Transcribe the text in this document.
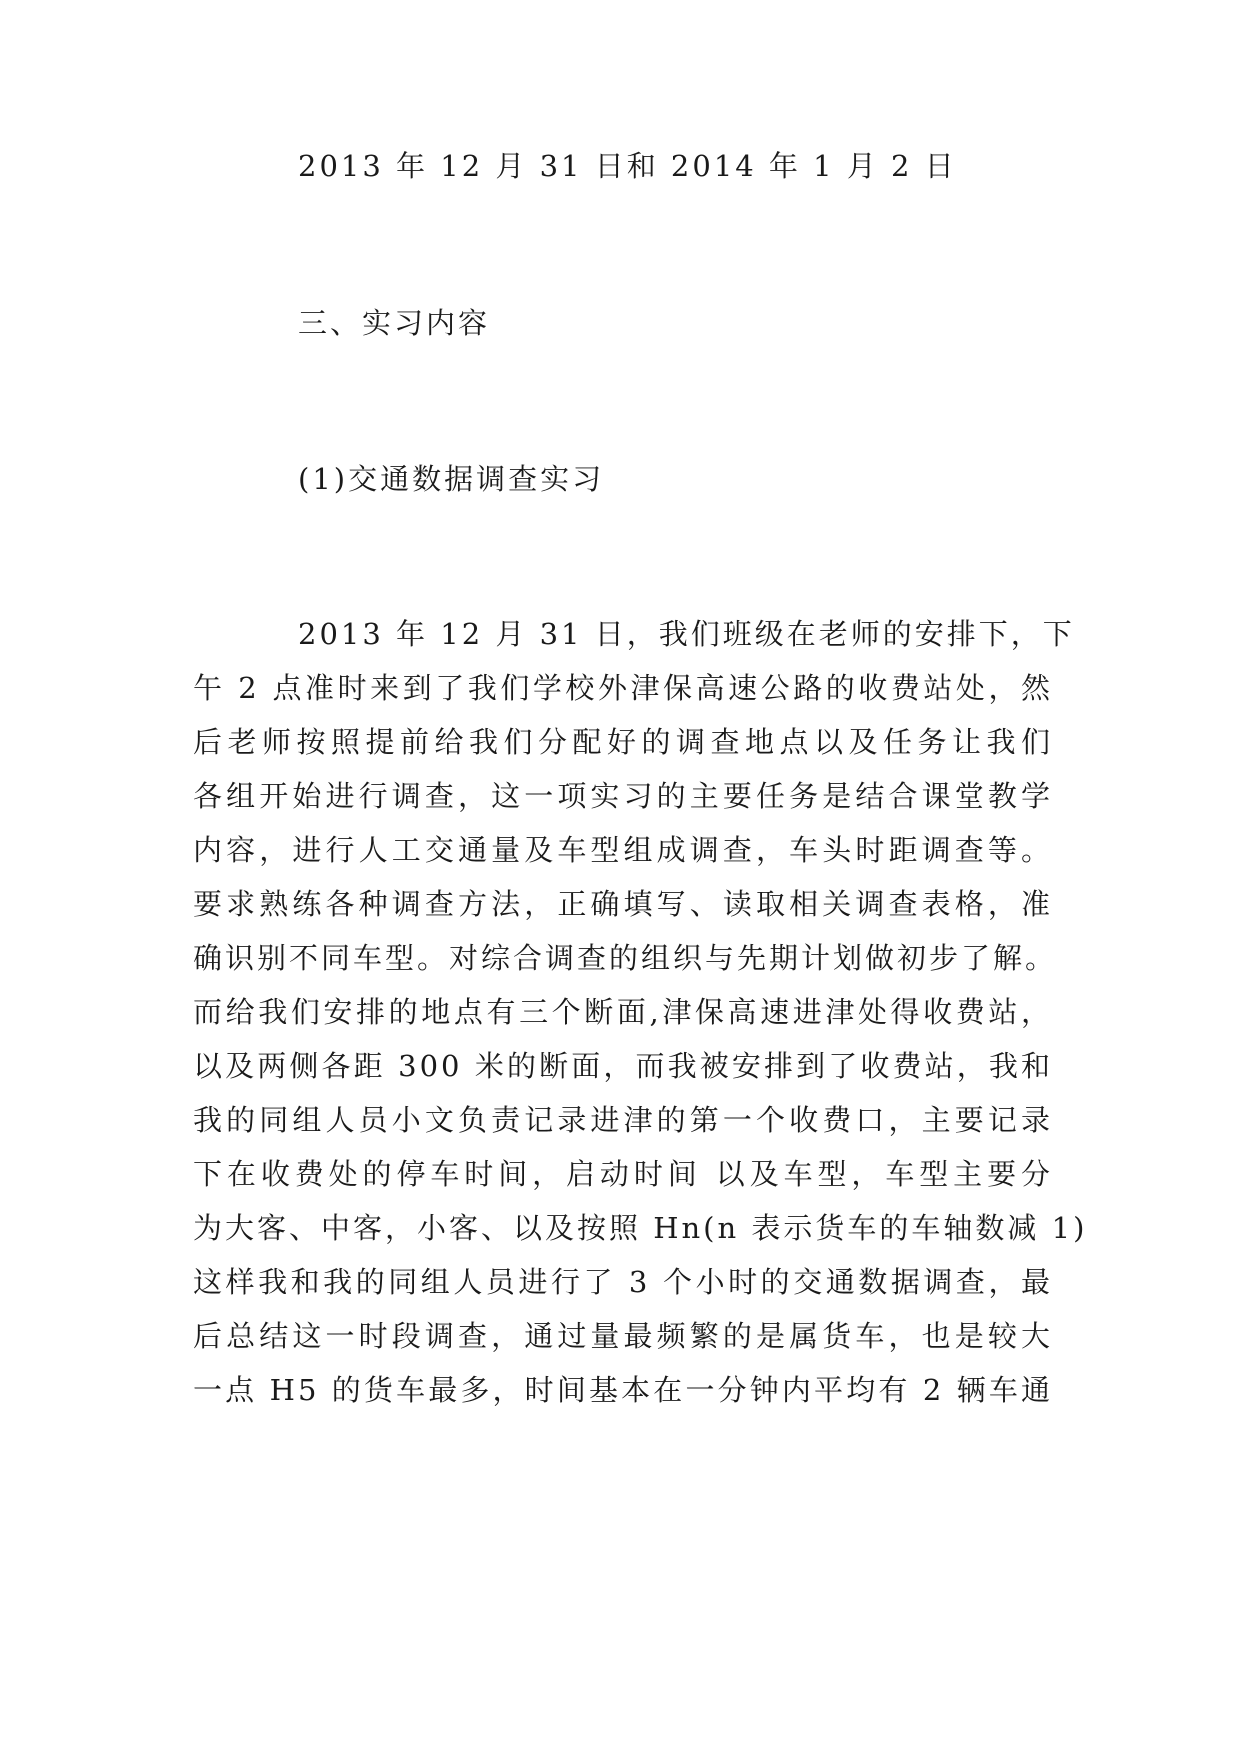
2013 年 12 月 31 日和 2014 年 1 月 2 日
三、实习内容
(1)交通数据调查实习
2013 年 12 月 31 日，我们班级在老师的安排下，下
午 2 点准时来到了我们学校外津保高速公路的收费站处，然
后老师按照提前给我们分配好的调查地点以及任务让我们
各组开始进行调查，这一项实习的主要任务是结合课堂教学
内容，进行人工交通量及车型组成调查，车头时距调查等。
要求熟练各种调查方法，正确填写、读取相关调查表格，准
确识别不同车型。对综合调查的组织与先期计划做初步了解。
而给我们安排的地点有三个断面,津保高速进津处得收费站，
以及两侧各距 300 米的断面，而我被安排到了收费站，我和
我的同组人员小文负责记录进津的第一个收费口，主要记录
下在收费处的停车时间，启动时间 以及车型，车型主要分
为大客、中客，小客、以及按照 Hn(n 表示货车的车轴数减 1)
这样我和我的同组人员进行了 3 个小时的交通数据调查，最
后总结这一时段调查，通过量最频繁的是属货车，也是较大
一点 H5 的货车最多，时间基本在一分钟内平均有 2 辆车通
